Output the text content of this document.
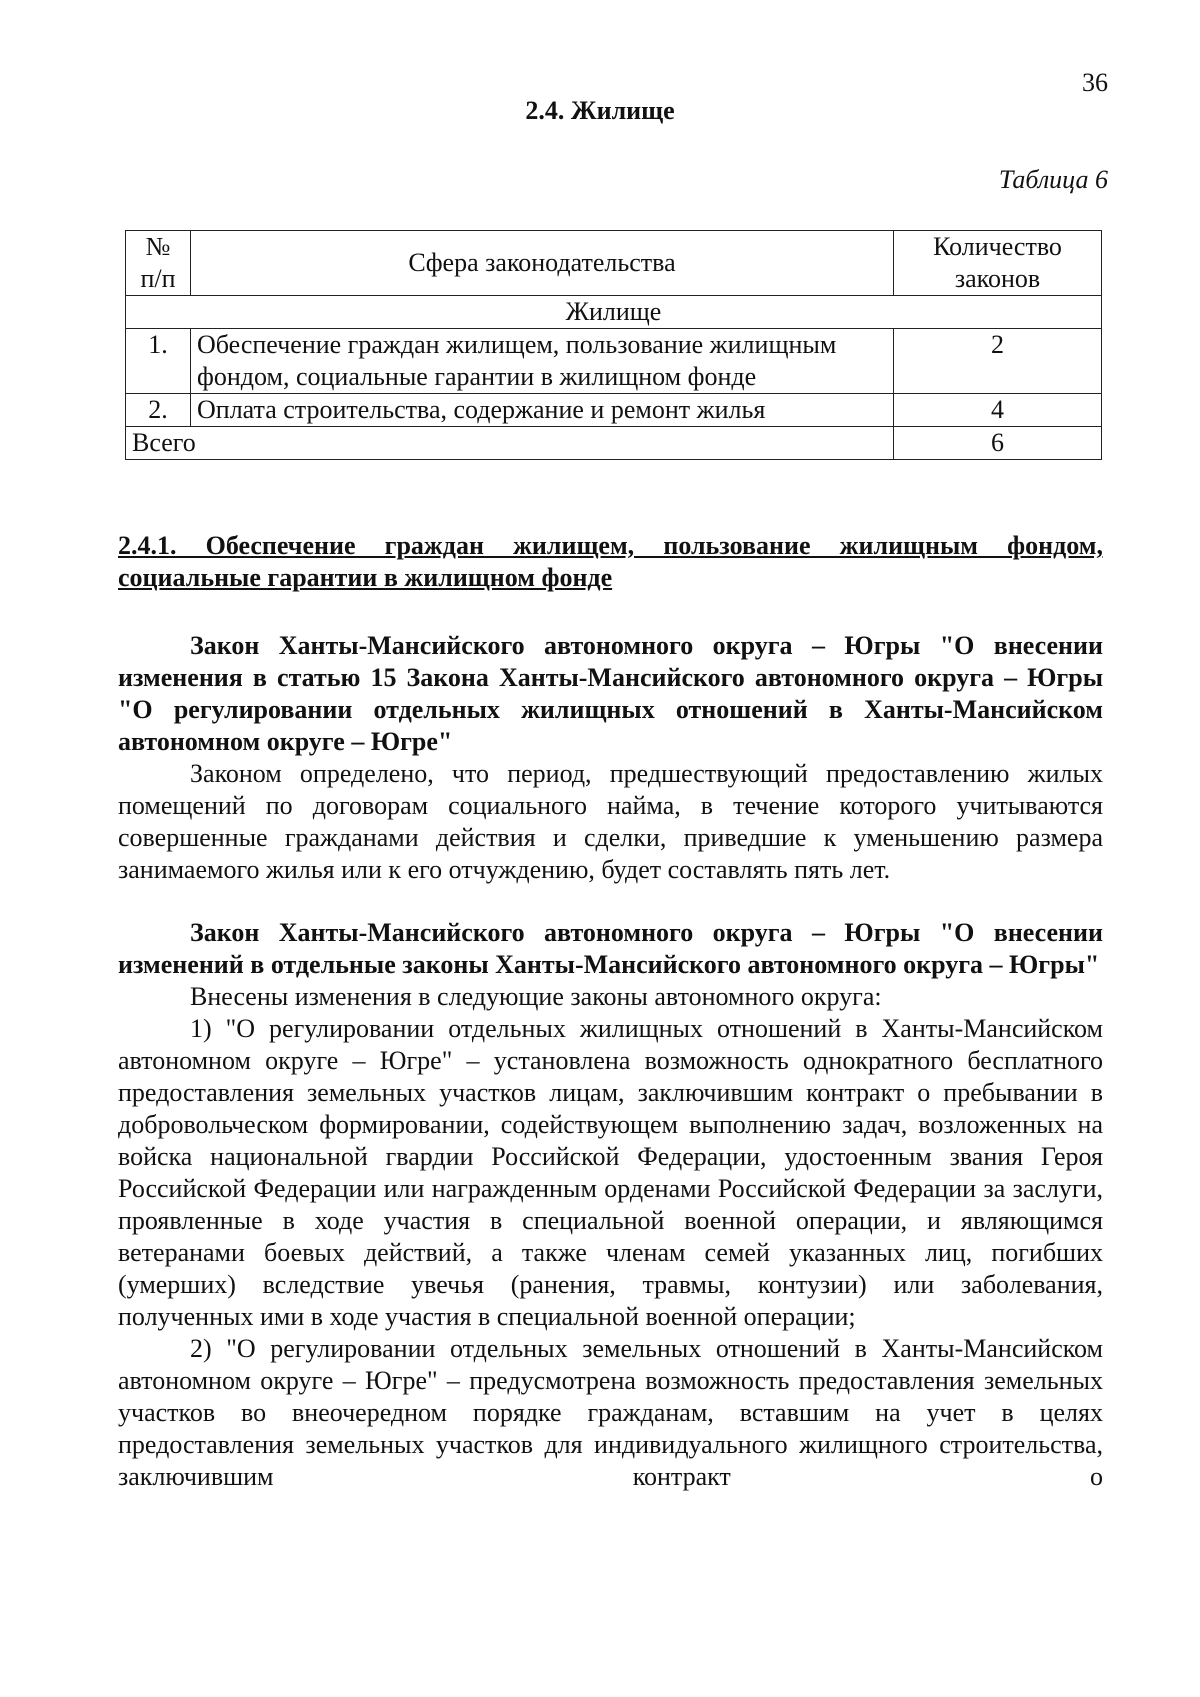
36
2.4. Жилище
Таблица 6
№ п/п	Сфера законодательства	Количество законов
Жилище		
1.	Обеспечение граждан жилищем, пользование жилищным фондом, социальные гарантии в жилищном фонде	2
2.	Оплата строительства, содержание и ремонт жилья	4
Всего		6
2.4.1. Обеспечение граждан жилищем, пользование жилищным фондом, социальные гарантии в жилищном фонде
Закон Ханты-Мансийского автономного округа – Югры "О внесении изменения в статью 15 Закона Ханты-Мансийского автономного округа – Югры "О регулировании отдельных жилищных отношений в Ханты-Мансийском автономном округе – Югре"

Законом определено, что период, предшествующий предоставлению жилых помещений по договорам социального найма, в течение которого учитываются совершенные гражданами действия и сделки, приведшие к уменьшению размера занимаемого жилья или к его отчуждению, будет составлять пять лет.

Закон Ханты-Мансийского автономного округа – Югры "О внесении изменений в отдельные законы Ханты-Мансийского автономного округа – Югры"

Внесены изменения в следующие законы автономного округа:

1) "О регулировании отдельных жилищных отношений в Ханты-Мансийском автономном округе – Югре" – установлена возможность однократного бесплатного предоставления земельных участков лицам, заключившим контракт о пребывании в добровольческом формировании, содействующем выполнению задач, возложенных на войска национальной гвардии Российской Федерации, удостоенным звания Героя Российской Федерации или награжденным орденами Российской Федерации за заслуги, проявленные в ходе участия в специальной военной операции, и являющимся ветеранами боевых действий, а также членам семей указанных лиц, погибших (умерших) вследствие увечья (ранения, травмы, контузии) или заболевания, полученных ими в ходе участия в специальной военной операции;

2) "О регулировании отдельных земельных отношений в Ханты-Мансийском автономном округе – Югре" – предусмотрена возможность предоставления земельных участков во внеочередном порядке гражданам, вставшим на учет в целях предоставления земельных участков для индивидуального жилищного строительства, заключившим контракт о
